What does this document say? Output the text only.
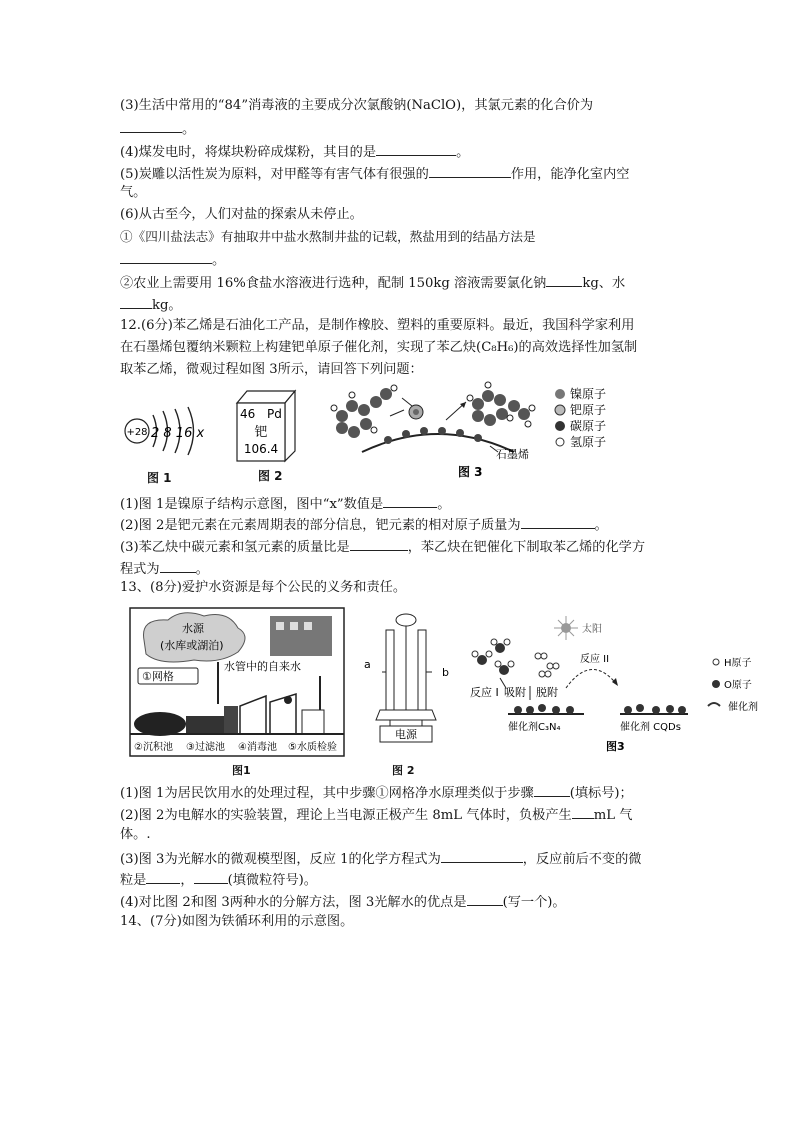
(3)生活中常用的“84”消毒液的主要成分次氯酸钠(NaClO)，其氯元素的化合价为
。
(4)煤发电时，将煤块粉碎成煤粉，其目的是	。
(5)炭雕以活性炭为原料，对甲醛等有害气体有很强的	作用，能净化室内空
气。
(6)从古至今，人们对盐的探索从未停止。
①《四川盐法志》有抽取井中盐水熬制井盐的记载，熬盐用到的结晶方法是
。
②农业上需要用 16%食盐水溶液进行选种，配制 150kg 溶液需要氯化钠	kg、水
kg。
12.(6分)苯乙烯是石油化工产品，是制作橡胶、塑料的重要原料。最近，我国科学家利用
在石墨烯包覆纳米颗粒上构建钯单原子催化剂，实现了苯乙炔(C₈H₆)的高效选择性加氢制
取苯乙烯，微观过程如图 3所示，请回答下列问题：
+28 2 8 16 x
图 1
46 Pd
钯
106.4
图 2
石墨烯
镍原子
钯原子
碳原子
氢原子
图 3
(1)图 1是镍原子结构示意图，图中“x”数值是	。
(2)图 2是钯元素在元素周期表的部分信息，钯元素的相对原子质量为	。
(3)苯乙炔中碳元素和氢元素的质量比是	，苯乙炔在钯催化下制取苯乙烯的化学方
程式为	。
13、(8分)爱护水资源是每个公民的义务和责任。
水源
(水库或湖泊)
水管中的自来水
①网格
②沉积池 ③过滤池 ④消毒池 ⑤水质检验
图1
a
b
电源
图 2
太阳
反应 II
反应 I 吸附 脱附
催化剂C₃N₄	催化剂 CQDs
图3
H原子
O原子
催化剂
(1)图 1为居民饮用水的处理过程，其中步骤①网格净水原理类似于步骤	(填标号)；
(2)图 2为电解水的实验装置，理论上当电源正极产生 8mL 气体时，负极产生 mL 气
体。.
(3)图 3为光解水的微观模型图，反应 1的化学方程式为	，反应前后不变的微
粒是	，	(填微粒符号)。
(4)对比图 2和图 3两种水的分解方法，图 3光解水的优点是	(写一个)。
14、(7分)如图为铁循环利用的示意图。
